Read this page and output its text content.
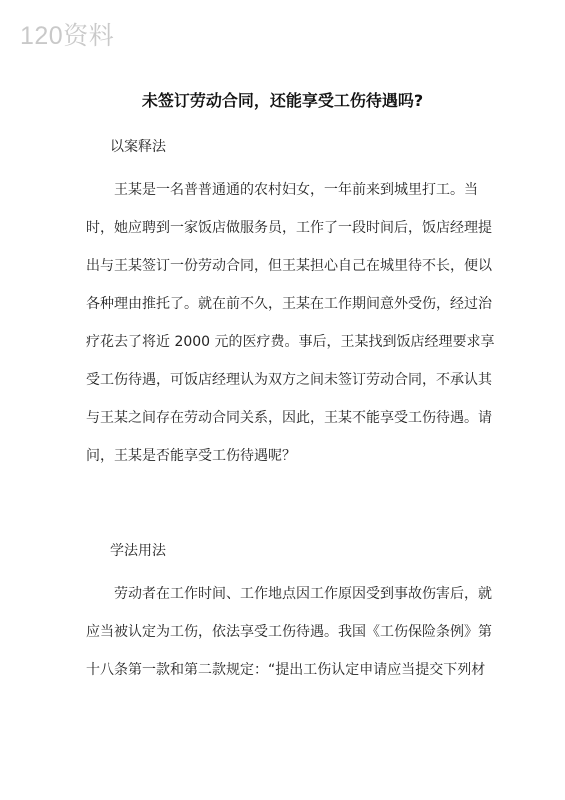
120资料
未签订劳动合同，还能享受工伤待遇吗?
以案释法
王某是一名普普通通的农村妇女，一年前来到城里打工。当
时，她应聘到一家饭店做服务员，工作了一段时间后，饭店经理提
出与王某签订一份劳动合同，但王某担心自己在城里待不长，便以
各种理由推托了。就在前不久，王某在工作期间意外受伤，经过治
疗花去了将近 2000 元的医疗费。事后，王某找到饭店经理要求享
受工伤待遇，可饭店经理认为双方之间未签订劳动合同，不承认其
与王某之间存在劳动合同关系，因此，王某不能享受工伤待遇。请
问，王某是否能享受工伤待遇呢？
学法用法
劳动者在工作时间、工作地点因工作原因受到事故伤害后，就
应当被认定为工伤，依法享受工伤待遇。我国《工伤保险条例》第
十八条第一款和第二款规定：“提出工伤认定申请应当提交下列材
